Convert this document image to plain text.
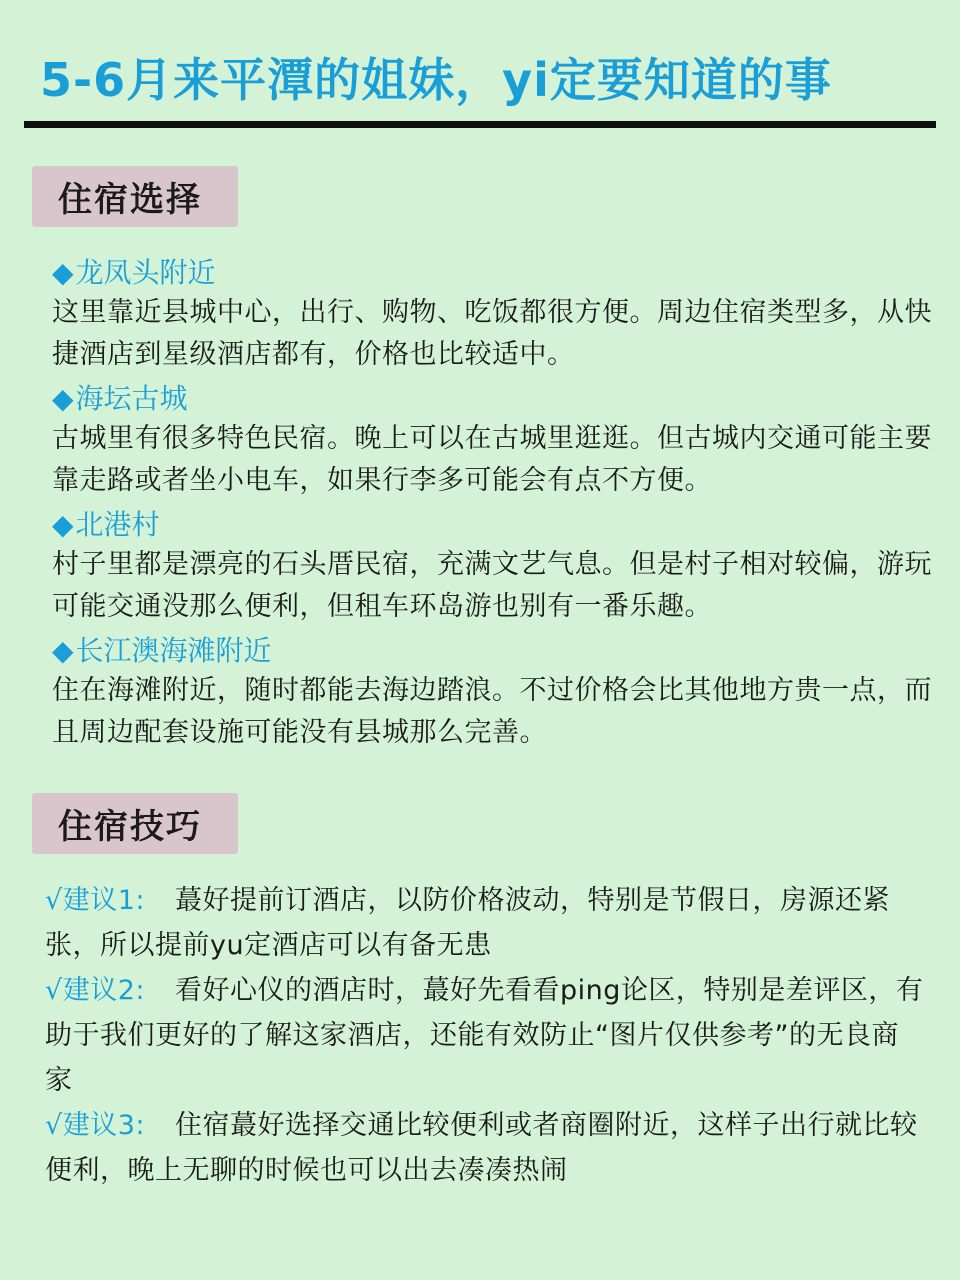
5-6月来平潭的姐妹，yi定要知道的事
住宿选择
◆龙凤头附近
这里靠近县城中心，出行、购物、吃饭都很方便。周边住宿类型多，从快捷酒店到星级酒店都有，价格也比较适中。
◆海坛古城
古城里有很多特色民宿。晚上可以在古城里逛逛。但古城内交通可能主要靠走路或者坐小电车，如果行李多可能会有点不方便。
◆北港村
村子里都是漂亮的石头厝民宿，充满文艺气息。但是村子相对较偏，游玩可能交通没那么便利，但租车环岛游也别有一番乐趣。
◆长江澳海滩附近
住在海滩附近，随时都能去海边踏浪。不过价格会比其他地方贵一点，而且周边配套设施可能没有县城那么完善。
住宿技巧
√建议1: 蕞好提前订酒店，以防价格波动，特别是节假日，房源还紧张，所以提前yu定酒店可以有备无患
√建议2: 看好心仪的酒店时，蕞好先看看ping论区，特别是差评区，有助于我们更好的了解这家酒店，还能有效防止“图片仅供参考”的无良商家
√建议3: 住宿蕞好选择交通比较便利或者商圈附近，这样子出行就比较便利，晚上无聊的时候也可以出去凑凑热闹
